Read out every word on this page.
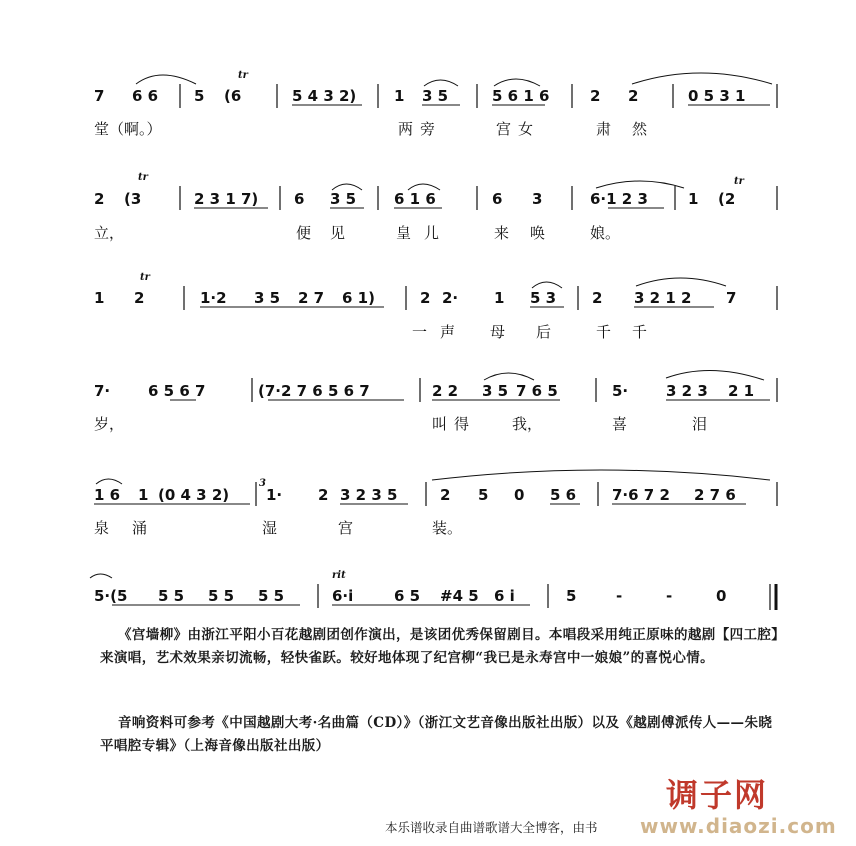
7 6 6 5 (6
tr
5 4 3 2)	1 3 5	5 6 1 6	2 2	0 5 3 1
堂（啊。）	两 旁	宫 女	肃 然
tr	tr
2 (3	2 3 1 7) 6 3 5	6 1 6	6 3	6·1 2 3	1 (2
立，	便 见	皇 儿	来 唤	娘。
tr
1 2	1·2 3 5 2 7 6 1)	2 2· 1 5 3 2 3 2 1 2 7
一 声 母 后	千 千
7·	6 5 6 7	(7·2 7 6 5 6 7	2 2 3 5 7 6 5	5·	3 2 3 2 1
岁，	叫 得	我，	喜	泪
1 6 1 (0 4 3 2)
3
1· 2 3 2 3 5	2 5 0 5 6 7·6 7 2 2 7 6
泉 涌	湿	宫	装。
rit
5·(5 5 5 5 5 5 5	6·i	6 5 #4 5 6 i	5	-	-	0
《宫墙柳》由浙江平阳小百花越剧团创作演出，是该团优秀保留剧目。本唱段采用纯正原味的越剧【四工腔】来演唱，艺术效果亲切流畅，轻快雀跃。较好地体现了纪宫柳“我已是永寿宫中一娘娘”的喜悦心情。
音响资料可参考《中国越剧大考·名曲篇（CD）》（浙江文艺音像出版社出版）以及《越剧傅派传人——朱晓平唱腔专辑》（上海音像出版社出版）
调子网
www.diaozi.com
本乐谱收录自曲谱歌谱大全博客，由书
